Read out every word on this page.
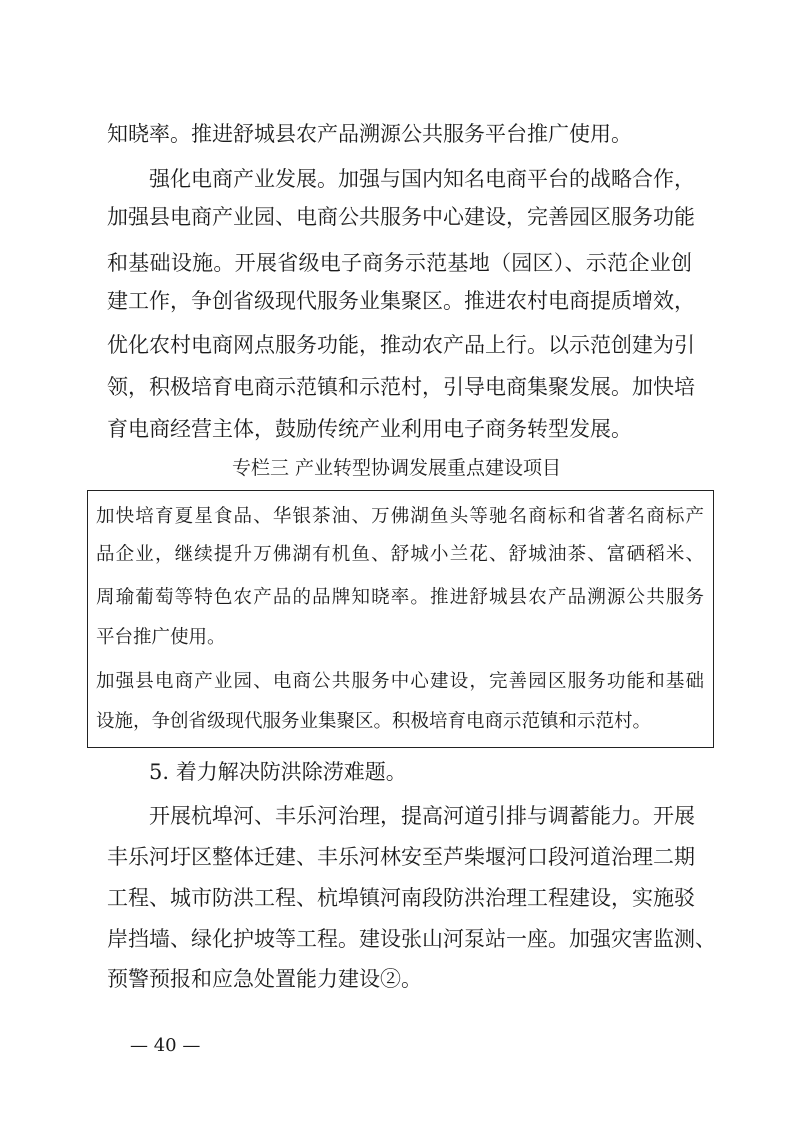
知晓率。推进舒城县农产品溯源公共服务平台推广使用。
强化电商产业发展。加强与国内知名电商平台的战略合作，
加强县电商产业园、电商公共服务中心建设，完善园区服务功能
和基础设施。开展省级电子商务示范基地（园区）、示范企业创
建工作，争创省级现代服务业集聚区。推进农村电商提质增效，
优化农村电商网点服务功能，推动农产品上行。以示范创建为引
领，积极培育电商示范镇和示范村，引导电商集聚发展。加快培
育电商经营主体，鼓励传统产业利用电子商务转型发展。
专栏三 产业转型协调发展重点建设项目
加快培育夏星食品、华银茶油、万佛湖鱼头等驰名商标和省著名商标产
品企业，继续提升万佛湖有机鱼、舒城小兰花、舒城油茶、富硒稻米、
周瑜葡萄等特色农产品的品牌知晓率。推进舒城县农产品溯源公共服务
平台推广使用。
加强县电商产业园、电商公共服务中心建设，完善园区服务功能和基础
设施，争创省级现代服务业集聚区。积极培育电商示范镇和示范村。
5. 着力解决防洪除涝难题。
开展杭埠河、丰乐河治理，提高河道引排与调蓄能力。开展
丰乐河圩区整体迁建、丰乐河林安至芦柴堰河口段河道治理二期
工程、城市防洪工程、杭埠镇河南段防洪治理工程建设，实施驳
岸挡墙、绿化护坡等工程。建设张山河泵站一座。加强灾害监测、
预警预报和应急处置能力建设②。
— 40 —
